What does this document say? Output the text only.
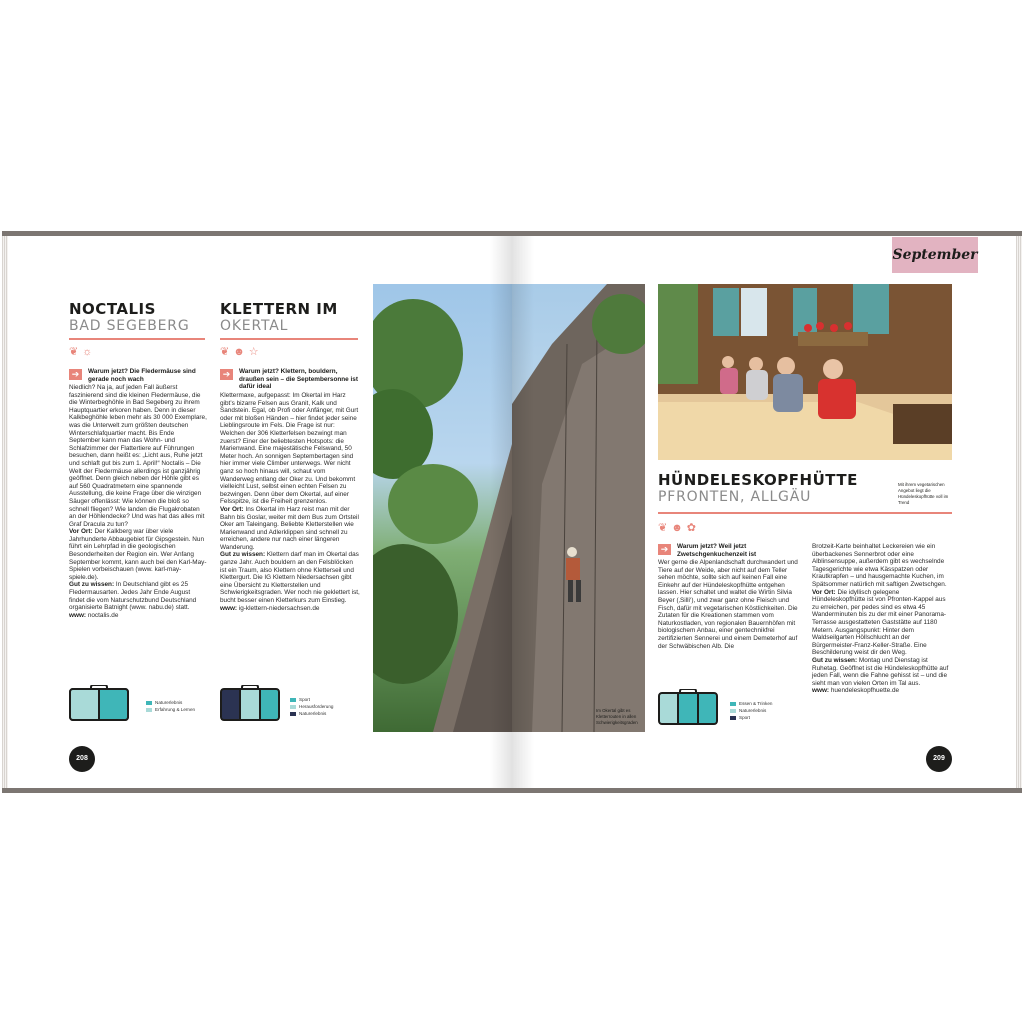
NOCTALIS
BAD SEGEBERG
❦☼
➔	Warum jetzt? Die Fledermäuse sind gerade noch wach

Niedlich? Na ja, auf jeden Fall äußerst faszinierend sind die kleinen Fledermäuse, die die Winterbeghöhle in Bad Segeberg zu ihrem Hauptquartier erkoren haben. Denn in dieser Kalkbeghöhle leben mehr als 30 000 Exemplare, was die Unterwelt zum größten deutschen Winterschlafquartier macht. Bis Ende September kann man das Wohn- und Schlafzimmer der Flattertiere auf Führungen besuchen, dann heißt es: „Licht aus, Ruhe jetzt und schlaft gut bis zum 1. April!“ Noctalis – Die Welt der Fledermäuse allerdings ist ganzjährig geöffnet. Denn gleich neben der Höhle gibt es auf 560 Quadratmetern eine spannende Ausstellung, die keine Frage über die winzigen Säuger offenlässt: Wie können die bloß so schnell fliegen? Wie landen die Flugakrobaten an der Höhlendecke? Und was hat das alles mit Graf Dracula zu tun?

Vor Ort: Der Kalkberg war über viele Jahrhunderte Abbaugebiet für Gipsgestein. Nun führt ein Lehrpfad in die geologischen Besonderheiten der Region ein. Wer Anfang September kommt, kann auch bei den Karl-May-Spielen vorbeischauen (www. karl-may-spiele.de).

Gut zu wissen: In Deutschland gibt es 25 Fledermausarten. Jedes Jahr Ende August findet die vom Naturschutzbund Deutschland organisierte Batnight (www. nabu.de) statt.

www: noctalis.de

Naturerlebnis
Erfahrung & Lernen
208
KLETTERN IM
OKERTAL
❦☻☆
➔	Warum jetzt? Klettern, bouldern, draußen sein – die Septembersonne ist dafür ideal

Klettermaxe, aufgepasst: Im Okertal im Harz gibt’s bizarre Felsen aus Granit, Kalk und Sandstein. Egal, ob Profi oder Anfänger, mit Gurt oder mit bloßen Händen – hier findet jeder seine Lieblingsroute im Fels. Die Frage ist nur: Welchen der 306 Kletterfelsen bezwingt man zuerst? Einer der beliebtesten Hotspots: die Marienwand. Eine majestätische Felswand, 50 Meter hoch. An sonnigen Septembertagen sind hier immer viele Climber unterwegs. Wer nicht ganz so hoch hinaus will, schaut vom Wanderweg entlang der Oker zu. Und bekommt vielleicht Lust, selbst einen echten Felsen zu bezwingen. Denn über dem Okertal, auf einer Felsspitze, ist die Freiheit grenzenlos.

Vor Ort: Ins Okertal im Harz reist man mit der Bahn bis Goslar, weiter mit dem Bus zum Ortsteil Oker am Taleingang. Beliebte Kletterstellen wie Marienwand und Adlerklippen sind schnell zu erreichen, andere nur nach einer längeren Wanderung.

Gut zu wissen: Klettern darf man im Okertal das ganze Jahr. Auch bouldern an den Felsblöcken ist ein Traum, also Klettern ohne Kletterseil und Klettergurt. Die IG Klettern Niedersachsen gibt eine Übersicht zu Kletterstellen und Schwierigkeitsgraden. Wer noch nie geklettert ist, bucht besser einen Kletterkurs zum Einstieg.

www: ig-klettern-niedersachsen.de

Sport
Herausforderung
Naturerlebnis
Im Okertal gibt es Kletterrouten in allen Schwierigkeitsgraden
Mit ihrem vegetarischen Angebot liegt die Hündeleskopfhütte voll im Trend
HÜNDELESKOPFHÜTTE
PFRONTEN, ALLGÄU
❦☻✿
➔	Warum jetzt? Weil jetzt Zwetschgenkuchenzeit ist

Wer gerne die Alpenlandschaft durchwandert und Tiere auf der Weide, aber nicht auf dem Teller sehen möchte, sollte sich auf keinen Fall eine Einkehr auf der Hündeleskopfhütte entgehen lassen. Hier schaltet und waltet die Wirtin Silvia Beyer (‚Silli‘), und zwar ganz ohne Fleisch und Fisch, dafür mit vegetarischen Köstlichkeiten. Die Zutaten für die Kreationen stammen vom Naturkostladen, von regionalen Bauernhöfen mit biologischem Anbau, einer gentechnikfrei zertifizierten Sennerei und einem Demeterhof auf der Schwäbischen Alb. Die

Brotzeit-Karte beinhaltet Leckereien wie ein überbackenes Sennerbrot oder eine Alblinsensuppe, außerdem gibt es wechselnde Tagesgerichte wie etwa Kässpatzen oder Krautkrapfen – und hausgemachte Kuchen, im Spätsommer natürlich mit saftigen Zwetschgen.

Vor Ort: Die idyllisch gelegene Hündeleskopfhütte ist von Pfronten-Kappel aus zu erreichen, per pedes sind es etwa 45 Wanderminuten bis zu der mit einer Panorama-Terrasse ausgestatteten Gaststätte auf 1180 Metern. Ausgangspunkt: Hinter dem Waldseilgarten Höllschlucht an der Bürgermeister-Franz-Keller-Straße. Eine Beschilderung weist dir den Weg.

Gut zu wissen: Montag und Dienstag ist Ruhetag. Geöffnet ist die Hündeleskopfhütte auf jeden Fall, wenn die Fahne gehisst ist – und die sieht man von vielen Orten im Tal aus.

www: huendeleskopfhuette.de

Essen & Trinken
Naturerlebnis
Sport
209
September
